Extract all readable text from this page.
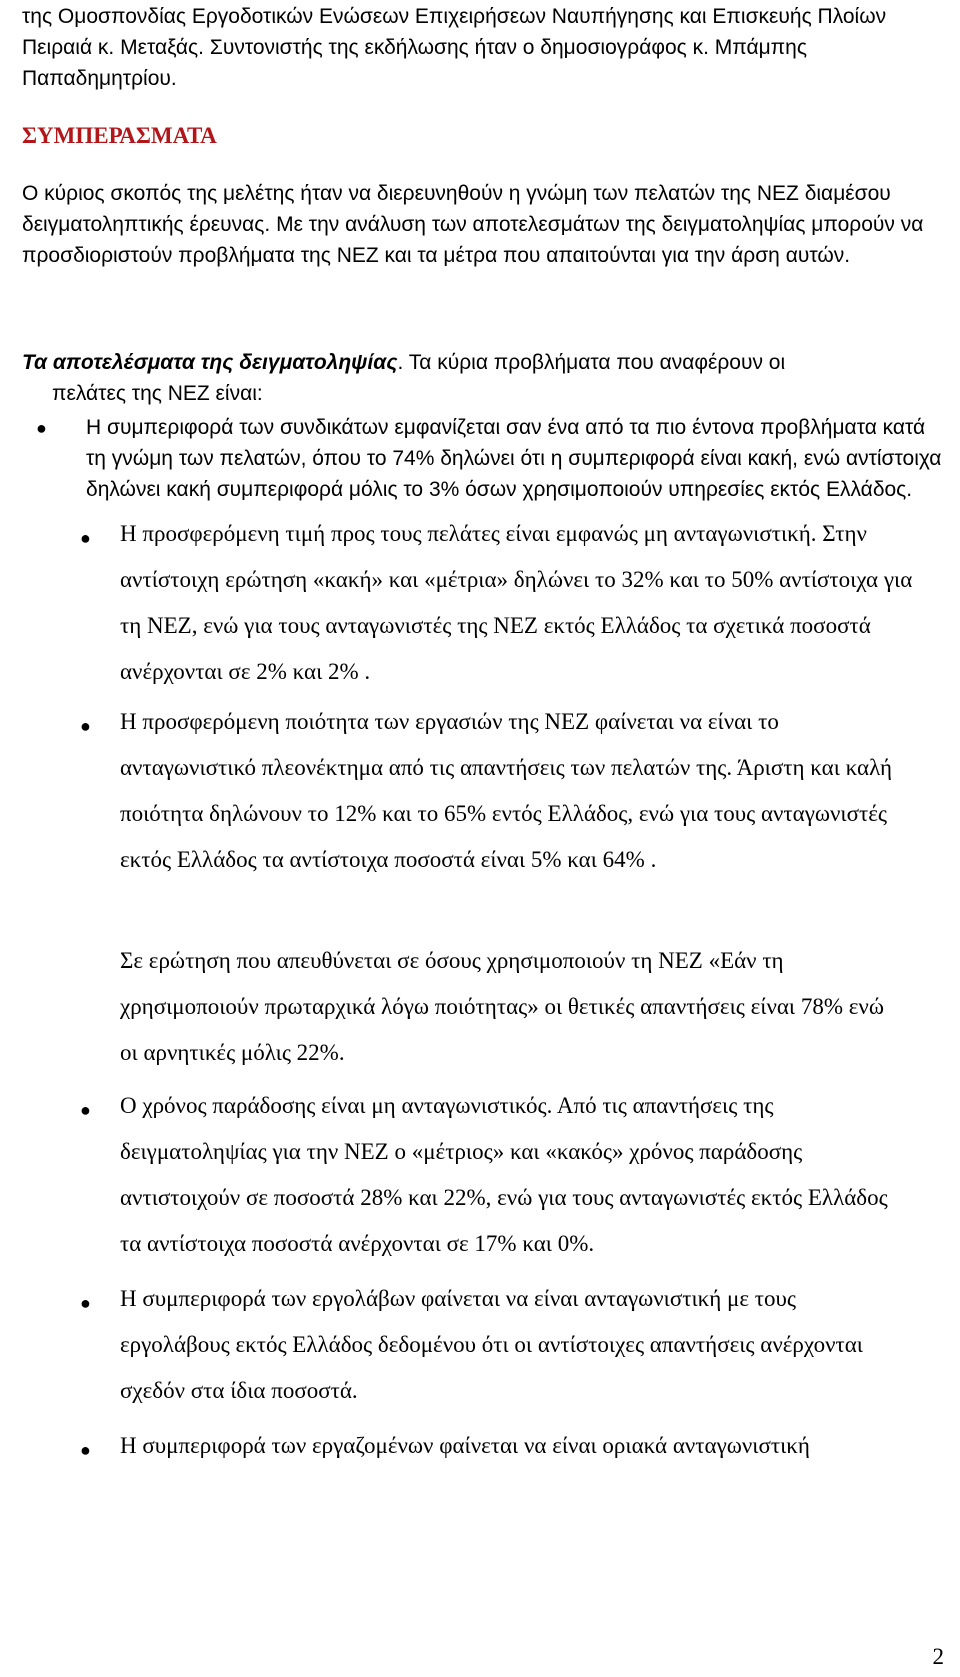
της Ομοσπονδίας Εργοδοτικών Ενώσεων Επιχειρήσεων Ναυπήγησης και Επισκευής Πλοίων Πειραιά κ. Μεταξάς. Συντονιστής της εκδήλωσης ήταν ο δημοσιογράφος κ. Μπάμπης Παπαδημητρίου.

ΣΥΜΠΕΡΑΣΜΑΤΑ

Ο κύριος σκοπός της μελέτης ήταν να διερευνηθούν η γνώμη των πελατών της ΝΕΖ διαμέσου δειγματοληπτικής έρευνας. Με την ανάλυση των αποτελεσμάτων της δειγματοληψίας μπορούν να προσδιοριστούν προβλήματα της ΝΕΖ και τα μέτρα που απαιτούνται για την άρση αυτών.

Τα αποτελέσματα της δειγματοληψίας. Τα κύρια προβλήματα που αναφέρουν οι

πελάτες της ΝΕΖ είναι:

● Η συμπεριφορά των συνδικάτων εμφανίζεται σαν ένα από τα πιο έντονα προβλήματα κατά τη γνώμη των πελατών, όπου το 74% δηλώνει ότι η συμπεριφορά είναι κακή, ενώ αντίστοιχα δηλώνει κακή συμπεριφορά μόλις το 3% όσων χρησιμοποιούν υπηρεσίες εκτός Ελλάδος.

● Η προσφερόμενη τιμή προς τους πελάτες είναι εμφανώς μη ανταγωνιστική. Στην αντίστοιχη ερώτηση «κακή» και «μέτρια» δηλώνει το 32% και το 50% αντίστοιχα για τη ΝΕΖ, ενώ για τους ανταγωνιστές της ΝΕΖ εκτός Ελλάδος τα σχετικά ποσοστά ανέρχονται σε 2% και 2% .

● Η προσφερόμενη ποιότητα των εργασιών της ΝΕΖ φαίνεται να είναι το ανταγωνιστικό πλεονέκτημα από τις απαντήσεις των πελατών της. Άριστη και καλή ποιότητα δηλώνουν το 12% και το 65% εντός Ελλάδος, ενώ για τους ανταγωνιστές εκτός Ελλάδος τα αντίστοιχα ποσοστά είναι 5% και 64% .

Σε ερώτηση που απευθύνεται σε όσους χρησιμοποιούν τη ΝΕΖ «Εάν τη χρησιμοποιούν πρωταρχικά λόγω ποιότητας» οι θετικές απαντήσεις είναι 78% ενώ οι αρνητικές μόλις 22%.

● Ο χρόνος παράδοσης είναι μη ανταγωνιστικός. Από τις απαντήσεις της δειγματοληψίας για την ΝΕΖ ο «μέτριος» και «κακός» χρόνος παράδοσης αντιστοιχούν σε ποσοστά 28% και 22%, ενώ για τους ανταγωνιστές εκτός Ελλάδος τα αντίστοιχα ποσοστά ανέρχονται σε 17% και 0%.

● Η συμπεριφορά των εργολάβων φαίνεται να είναι ανταγωνιστική με τους εργολάβους εκτός Ελλάδος δεδομένου ότι οι αντίστοιχες απαντήσεις ανέρχονται σχεδόν στα ίδια ποσοστά.

● Η συμπεριφορά των εργαζομένων φαίνεται να είναι οριακά ανταγωνιστική

2
